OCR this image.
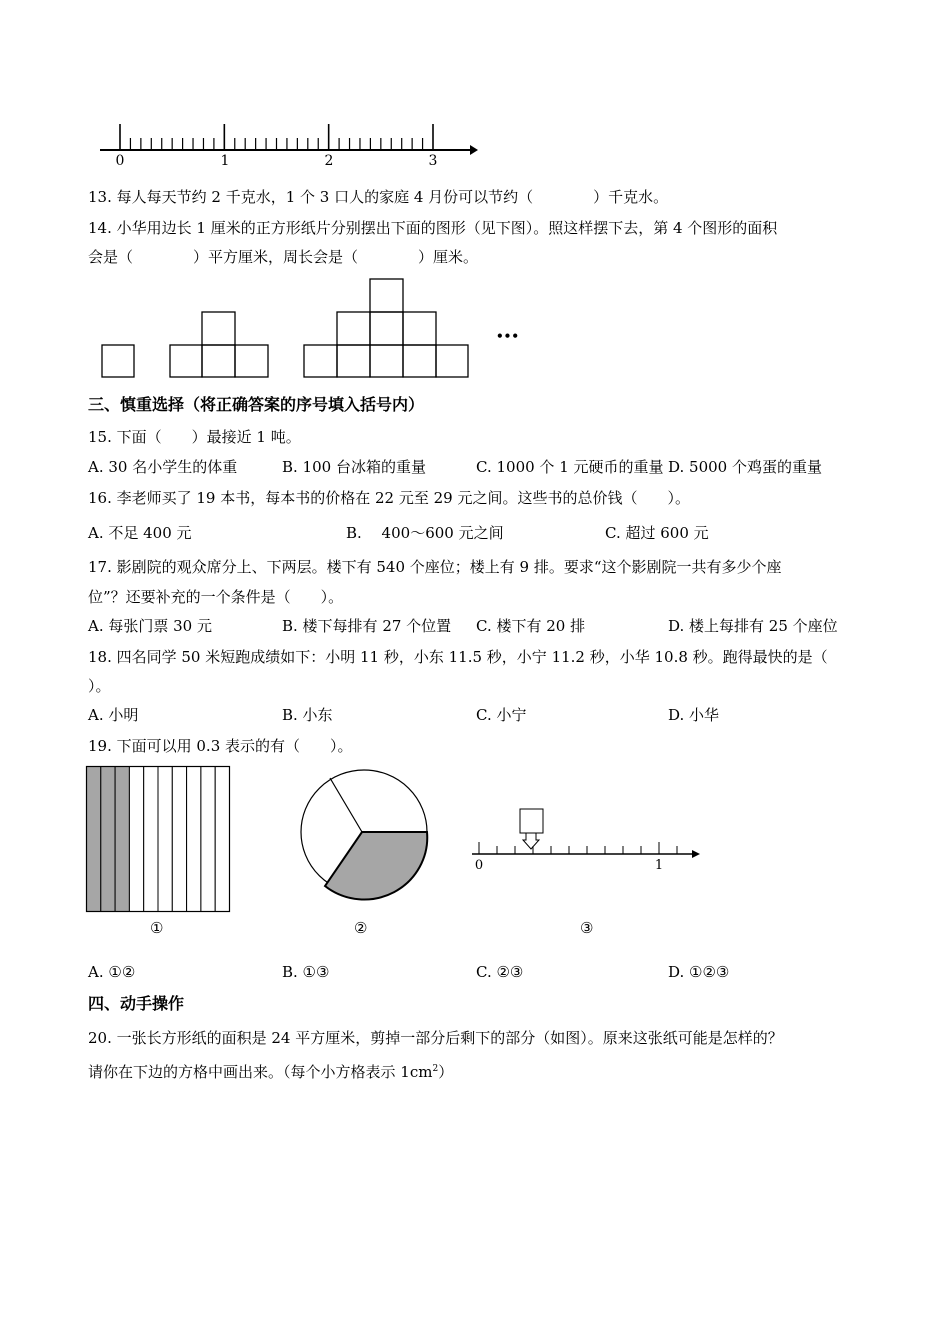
0	1	2	3
13. 每人每天节约 2 千克水，1 个 3 口人的家庭 4 月份可以节约（　　　　）千克水。
14. 小华用边长 1 厘米的正方形纸片分别摆出下面的图形（见下图）。照这样摆下去，第 4 个图形的面积
会是（　　　　）平方厘米，周长会是（　　　　）厘米。
•••
三、慎重选择（将正确答案的序号填入括号内）
15. 下面（　　）最接近 1 吨。
A. 30 名小学生的体重	B. 100 台冰箱的重量	C. 1000 个 1 元硬币的重量 D. 5000 个鸡蛋的重量
16. 李老师买了 19 本书，每本书的价格在 22 元至 29 元之间。这些书的总价钱（　　）。
A. 不足 400 元	B.　 400～600 元之间	C. 超过 600 元
17. 影剧院的观众席分上、下两层。楼下有 540 个座位；楼上有 9 排。要求“这个影剧院一共有多少个座
位”？还要补充的一个条件是（　　）。
A. 每张门票 30 元	B. 楼下每排有 27 个位置 C. 楼下有 20 排	D. 楼上每排有 25 个座位
18. 四名同学 50 米短跑成绩如下：小明 11 秒，小东 11.5 秒，小宁 11.2 秒，小华 10.8 秒。跑得最快的是（
）。
A. 小明	B. 小东	C. 小宁	D. 小华
19. 下面可以用 0.3 表示的有（　　）。
0	1
①	②	③
A. ①②	B. ①③	C. ②③	D. ①②③
四、动手操作
20. 一张长方形纸的面积是 24 平方厘米，剪掉一部分后剩下的部分（如图）。原来这张纸可能是怎样的？
请你在下边的方格中画出来。（每个小方格表示 $1cm^2$）
